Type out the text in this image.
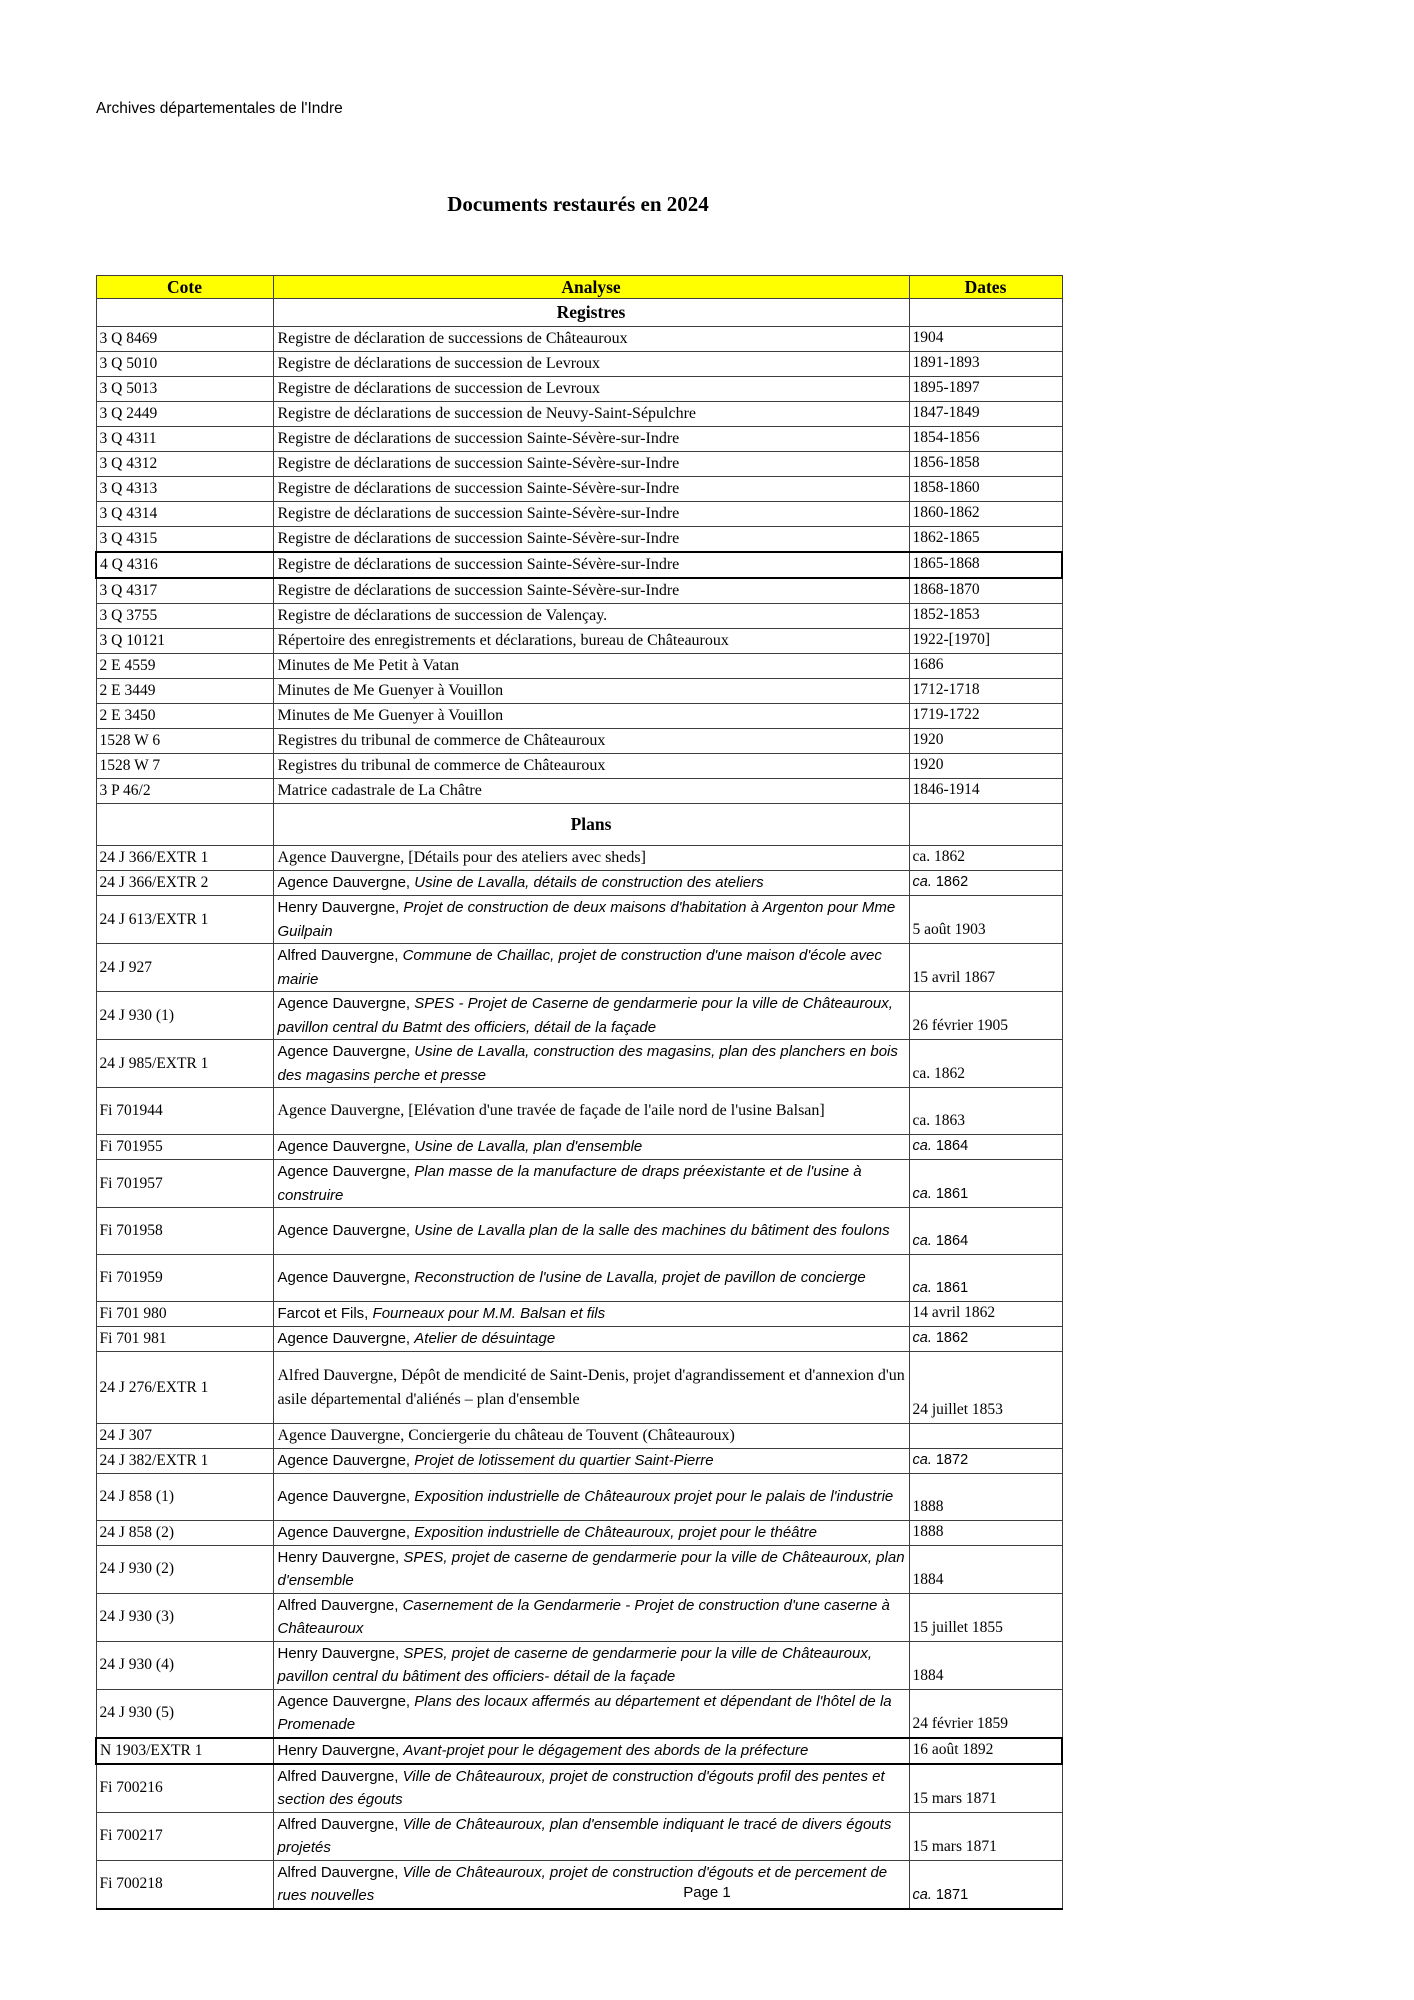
Archives départementales de l'Indre
Documents restaurés en 2024
Cote	Analyse	Dates
	Registres	
3 Q 8469	Registre de déclaration de successions de Châteauroux	1904
3 Q 5010	Registre de déclarations de succession de Levroux	1891-1893
3 Q 5013	Registre de déclarations de succession de Levroux	1895-1897
3 Q 2449	Registre de déclarations de succession de Neuvy-Saint-Sépulchre	1847-1849
3 Q 4311	Registre de déclarations de succession Sainte-Sévère-sur-Indre	1854-1856
3 Q 4312	Registre de déclarations de succession Sainte-Sévère-sur-Indre	1856-1858
3 Q 4313	Registre de déclarations de succession Sainte-Sévère-sur-Indre	1858-1860
3 Q 4314	Registre de déclarations de succession Sainte-Sévère-sur-Indre	1860-1862
3 Q 4315	Registre de déclarations de succession Sainte-Sévère-sur-Indre	1862-1865
4 Q 4316	Registre de déclarations de succession Sainte-Sévère-sur-Indre	1865-1868
3 Q 4317	Registre de déclarations de succession Sainte-Sévère-sur-Indre	1868-1870
3 Q 3755	Registre de déclarations de succession de Valençay.	1852-1853
3 Q 10121	Répertoire des enregistrements et déclarations, bureau de Châteauroux	1922-[1970]
2 E 4559	Minutes de Me Petit à Vatan	1686
2 E 3449	Minutes de Me Guenyer à Vouillon	1712-1718
2 E 3450	Minutes de Me Guenyer à Vouillon	1719-1722
1528 W 6	Registres du tribunal de commerce de Châteauroux	1920
1528 W 7	Registres du tribunal de commerce de Châteauroux	1920
3 P 46/2	Matrice cadastrale de La Châtre	1846-1914
	Plans	
24 J 366/EXTR 1	Agence Dauvergne, [Détails pour des ateliers avec sheds]	ca. 1862
24 J 366/EXTR 2	Agence Dauvergne, Usine de Lavalla, détails de construction des ateliers	ca. 1862
24 J 613/EXTR 1	Henry Dauvergne, Projet de construction de deux maisons d'habitation à Argenton pour Mme Guilpain	5 août 1903
24 J 927	Alfred Dauvergne, Commune de Chaillac, projet de construction d'une maison d'école avec mairie	15 avril 1867
24 J 930 (1)	Agence Dauvergne, SPES - Projet de Caserne de gendarmerie pour la ville de Châteauroux, pavillon central du Batmt des officiers, détail de la façade	26 février 1905
24 J 985/EXTR 1	Agence Dauvergne, Usine de Lavalla, construction des magasins, plan des planchers en bois des magasins perche et presse	ca. 1862
Fi 701944	Agence Dauvergne, [Elévation d'une travée de façade de l'aile nord de l'usine Balsan]	ca. 1863
Fi 701955	Agence Dauvergne, Usine de Lavalla, plan d'ensemble	ca. 1864
Fi 701957	Agence Dauvergne, Plan masse de la manufacture de draps préexistante et de l'usine à construire	ca. 1861
Fi 701958	Agence Dauvergne, Usine de Lavalla plan de la salle des machines du bâtiment des foulons	ca. 1864
Fi 701959	Agence Dauvergne, Reconstruction de l'usine de Lavalla, projet de pavillon de concierge	ca. 1861
Fi 701 980	Farcot et Fils, Fourneaux pour M.M. Balsan et fils	14 avril 1862
Fi 701 981	Agence Dauvergne, Atelier de désuintage	ca. 1862
24 J 276/EXTR 1	Alfred Dauvergne, Dépôt de mendicité de Saint-Denis, projet d'agrandissement et d'annexion d'un asile départemental d'aliénés – plan d'ensemble	24 juillet 1853
24 J 307	Agence Dauvergne, Conciergerie du château de Touvent (Châteauroux)	
24 J 382/EXTR 1	Agence Dauvergne, Projet de lotissement du quartier Saint-Pierre	ca. 1872
24 J 858 (1)	Agence Dauvergne, Exposition industrielle de Châteauroux projet pour le palais de l'industrie	1888
24 J 858 (2)	Agence Dauvergne, Exposition industrielle de Châteauroux, projet pour le théâtre	1888
24 J 930 (2)	Henry Dauvergne, SPES, projet de caserne de gendarmerie pour la ville de Châteauroux, plan d'ensemble	1884
24 J 930 (3)	Alfred Dauvergne, Casernement de la Gendarmerie - Projet de construction d'une caserne à Châteauroux	15 juillet 1855
24 J 930 (4)	Henry Dauvergne, SPES, projet de caserne de gendarmerie pour la ville de Châteauroux, pavillon central du bâtiment des officiers- détail de la façade	1884
24 J 930 (5)	Agence Dauvergne, Plans des locaux affermés au département et dépendant de l'hôtel de la Promenade	24 février 1859
N 1903/EXTR 1	Henry Dauvergne, Avant-projet pour le dégagement des abords de la préfecture	16 août 1892
Fi 700216	Alfred Dauvergne, Ville de Châteauroux, projet de construction d'égouts profil des pentes et section des égouts	15 mars 1871
Fi 700217	Alfred Dauvergne, Ville de Châteauroux, plan d'ensemble indiquant le tracé de divers égouts projetés	15 mars 1871
Fi 700218	Alfred Dauvergne, Ville de Châteauroux, projet de construction d'égouts et de percement de rues nouvelles	ca. 1871
Page 1
